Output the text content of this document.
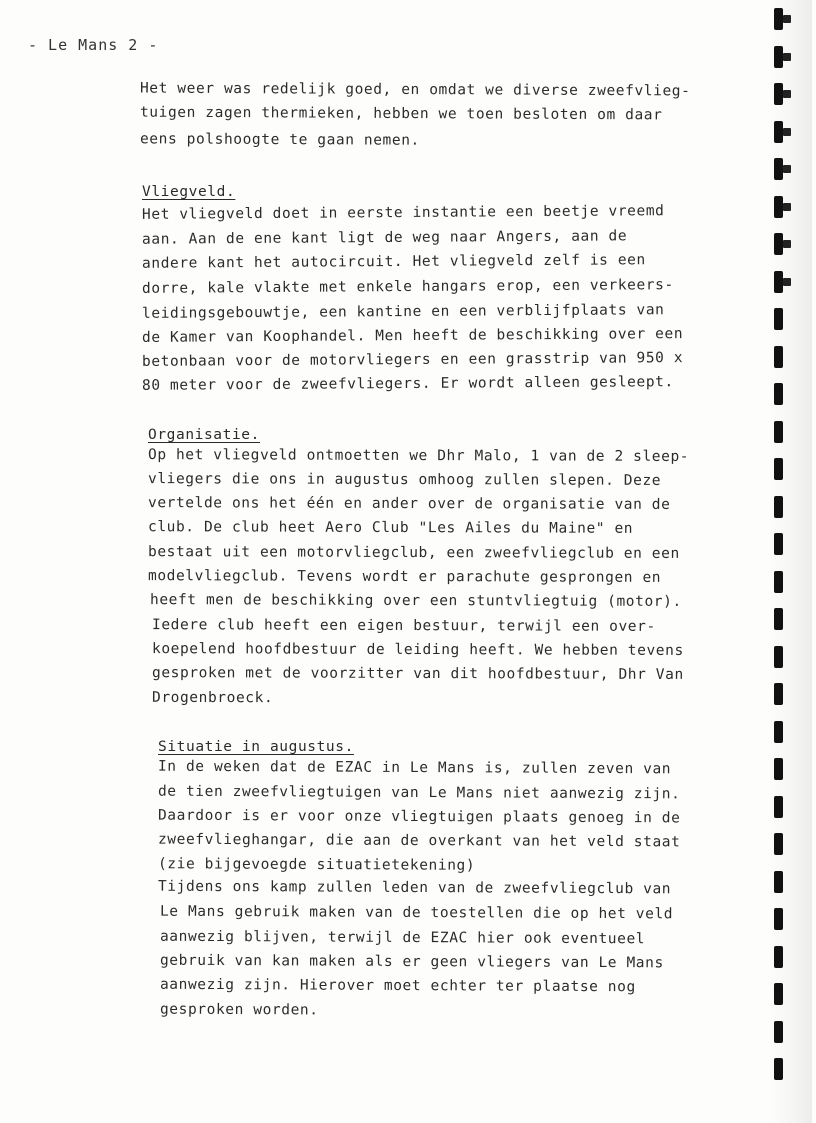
- Le Mans 2 -
Het weer was redelijk goed, en omdat we diverse zweefvlieg-
tuigen zagen thermieken, hebben we toen besloten om daar
eens polshoogte te gaan nemen.
Vliegveld.
Het vliegveld doet in eerste instantie een beetje vreemd
aan. Aan de ene kant ligt de weg naar Angers, aan de
andere kant het autocircuit. Het vliegveld zelf is een
dorre, kale vlakte met enkele hangars erop, een verkeers-
leidingsgebouwtje, een kantine en een verblijfplaats van
de Kamer van Koophandel. Men heeft de beschikking over een
betonbaan voor de motorvliegers en een grasstrip van 950 x
80 meter voor de zweefvliegers. Er wordt alleen gesleept.
Organisatie.
Op het vliegveld ontmoetten we Dhr Malo, 1 van de 2 sleep-
vliegers die ons in augustus omhoog zullen slepen. Deze
vertelde ons het één en ander over de organisatie van de
club. De club heet Aero Club "Les Ailes du Maine" en
bestaat uit een motorvliegclub, een zweefvliegclub en een
modelvliegclub. Tevens wordt er parachute gesprongen en
heeft men de beschikking over een stuntvliegtuig (motor).
Iedere club heeft een eigen bestuur, terwijl een over-
koepelend hoofdbestuur de leiding heeft. We hebben tevens
gesproken met de voorzitter van dit hoofdbestuur, Dhr Van
Drogenbroeck.
Situatie in augustus.
In de weken dat de EZAC in Le Mans is, zullen zeven van
de tien zweefvliegtuigen van Le Mans niet aanwezig zijn.
Daardoor is er voor onze vliegtuigen plaats genoeg in de
zweefvlieghangar, die aan de overkant van het veld staat
(zie bijgevoegde situatietekening)
Tijdens ons kamp zullen leden van de zweefvliegclub van
Le Mans gebruik maken van de toestellen die op het veld
aanwezig blijven, terwijl de EZAC hier ook eventueel
gebruik van kan maken als er geen vliegers van Le Mans
aanwezig zijn. Hierover moet echter ter plaatse nog
gesproken worden.
